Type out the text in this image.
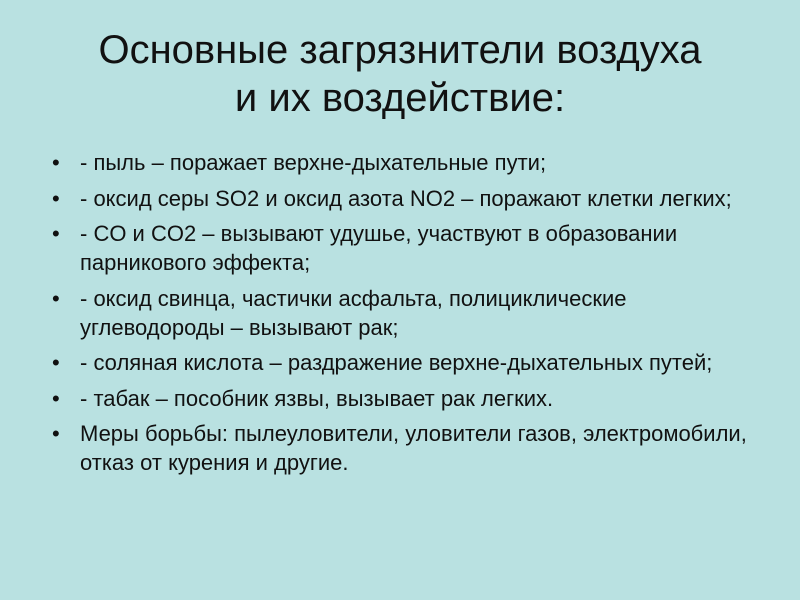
Основные загрязнители воздуха
и их воздействие:
• - пыль – поражает верхне-дыхательные пути;
• - оксид серы SO2 и оксид азота NO2 – поражают клетки легких;
• - CO и CO2 – вызывают удушье, участвуют в образовании парникового эффекта;
• - оксид свинца, частички асфальта, полициклические углеводороды – вызывают рак;
• - соляная кислота – раздражение верхне-дыхательных путей;
• - табак – пособник язвы, вызывает рак легких.
• Меры борьбы: пылеуловители, уловители газов, электромобили, отказ от курения и другие.
